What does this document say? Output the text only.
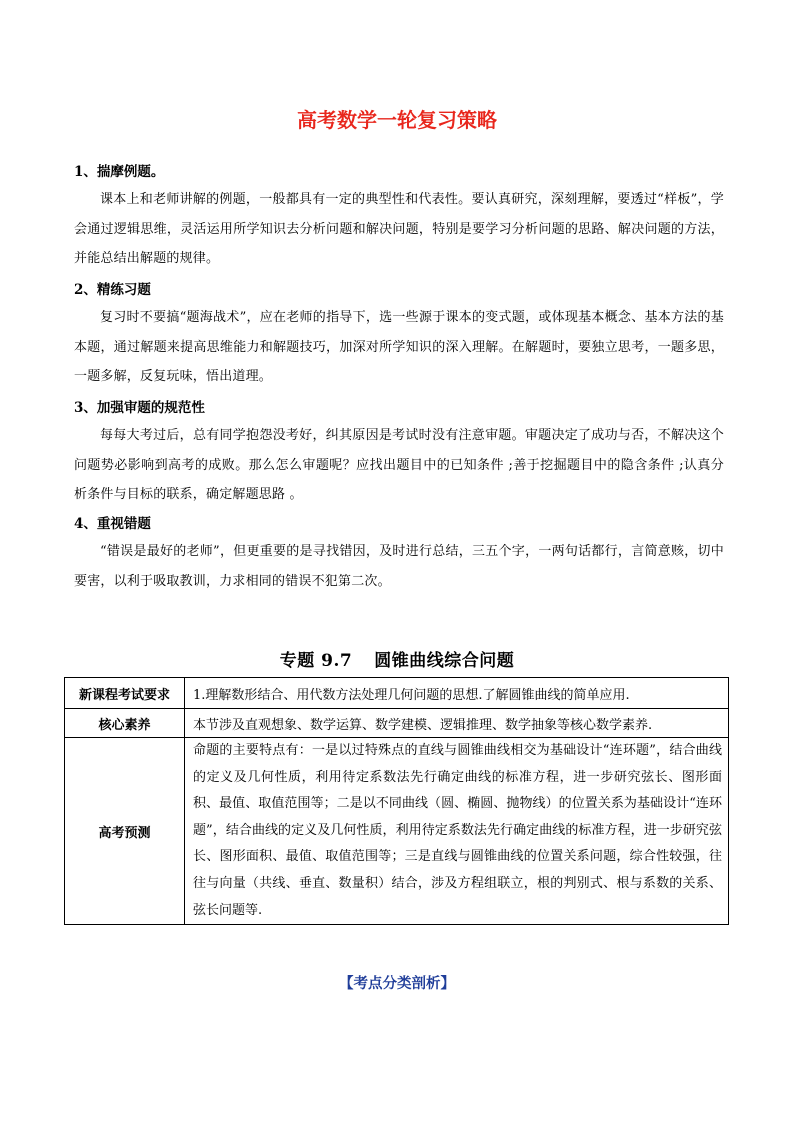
高考数学一轮复习策略
1、揣摩例题。
课本上和老师讲解的例题，一般都具有一定的典型性和代表性。要认真研究，深刻理解，要透过“样板”，学会通过逻辑思维，灵活运用所学知识去分析问题和解决问题，特别是要学习分析问题的思路、解决问题的方法，并能总结出解题的规律。
2、精练习题
复习时不要搞“题海战术”，应在老师的指导下，选一些源于课本的变式题，或体现基本概念、基本方法的基本题，通过解题来提高思维能力和解题技巧，加深对所学知识的深入理解。在解题时，要独立思考，一题多思，一题多解，反复玩味，悟出道理。
3、加强审题的规范性
每每大考过后，总有同学抱怨没考好，纠其原因是考试时没有注意审题。审题决定了成功与否，不解决这个问题势必影响到高考的成败。那么怎么审题呢？应找出题目中的已知条件 ;善于挖掘题目中的隐含条件 ;认真分析条件与目标的联系，确定解题思路 。
4、重视错题
“错误是最好的老师”，但更重要的是寻找错因，及时进行总结，三五个字，一两句话都行，言简意赅，切中要害，以利于吸取教训，力求相同的错误不犯第二次。
专题 9.7 圆锥曲线综合问题
新课程考试要求	1.理解数形结合、用代数方法处理几何问题的思想.了解圆锥曲线的简单应用.
核心素养	本节涉及直观想象、数学运算、数学建模、逻辑推理、数学抽象等核心数学素养.
高考预测	命题的主要特点有：一是以过特殊点的直线与圆锥曲线相交为基础设计“连环题”，结合曲线的定义及几何性质，利用待定系数法先行确定曲线的标准方程，进一步研究弦长、图形面积、最值、取值范围等；二是以不同曲线（圆、椭圆、抛物线）的位置关系为基础设计“连环题”，结合曲线的定义及几何性质，利用待定系数法先行确定曲线的标准方程，进一步研究弦长、图形面积、最值、取值范围等；三是直线与圆锥曲线的位置关系问题，综合性较强，往往与向量（共线、垂直、数量积）结合，涉及方程组联立，根的判别式、根与系数的关系、弦长问题等.
【考点分类剖析】
